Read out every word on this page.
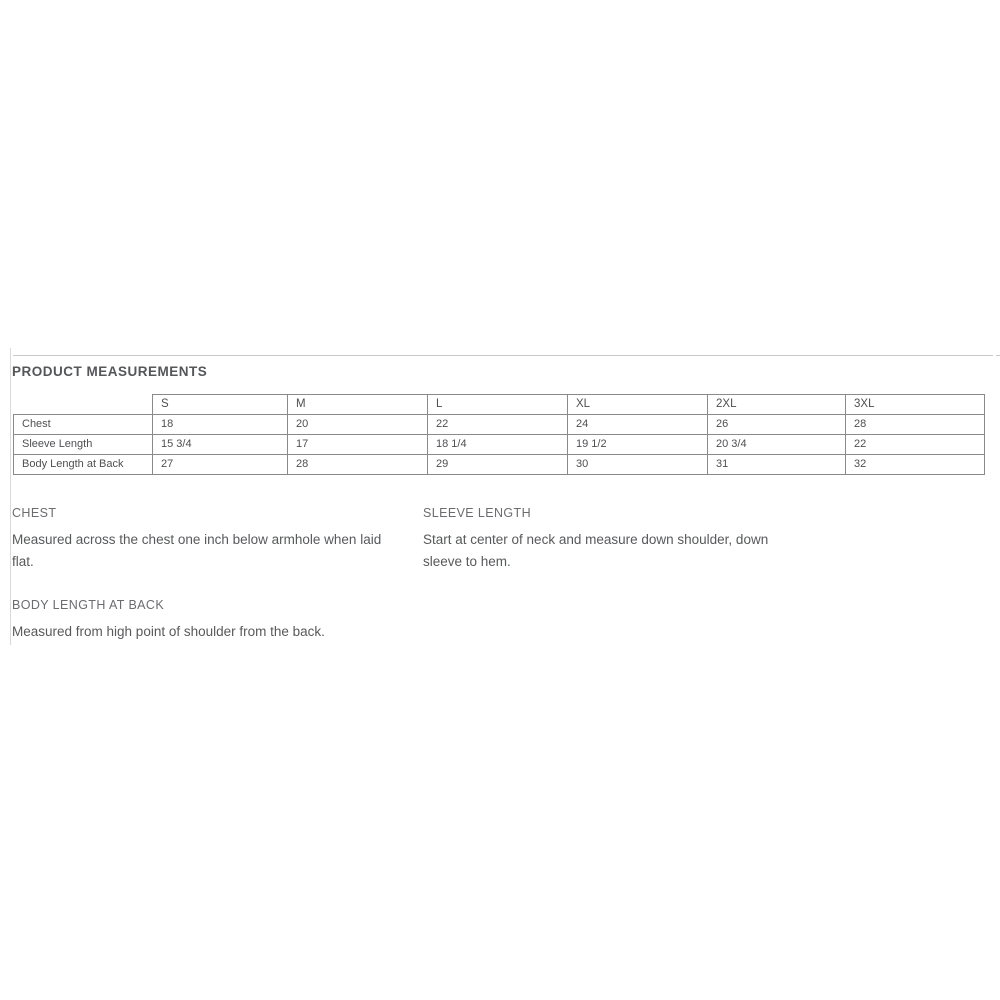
PRODUCT MEASUREMENTS
	S	M	L	XL	2XL	3XL
Chest	18	20	22	24	26	28
Sleeve Length	15 3/4	17	18 1/4	19 1/2	20 3/4	22
Body Length at Back	27	28	29	30	31	32
CHEST
Measured across the chest one inch below armhole when laid
flat.
SLEEVE LENGTH
Start at center of neck and measure down shoulder, down
sleeve to hem.
BODY LENGTH AT BACK
Measured from high point of shoulder from the back.
